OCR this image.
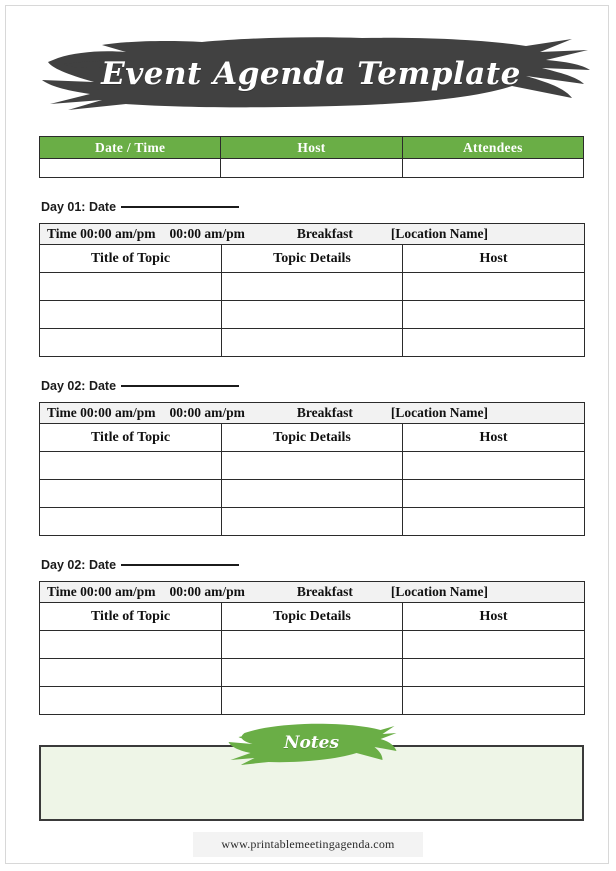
Event Agenda Template
Date / Time	Host	Attendees

Day 01: Date
Time 00:00 am/pm 00:00 am/pm Breakfast [Location Name]		

Title of Topic	Topic Details	Host

Day 02: Date
Time 00:00 am/pm 00:00 am/pm Breakfast [Location Name]		

Title of Topic	Topic Details	Host

Day 02: Date
Time 00:00 am/pm 00:00 am/pm Breakfast [Location Name]		

Title of Topic	Topic Details	Host

Notes
www.printablemeetingagenda.com
